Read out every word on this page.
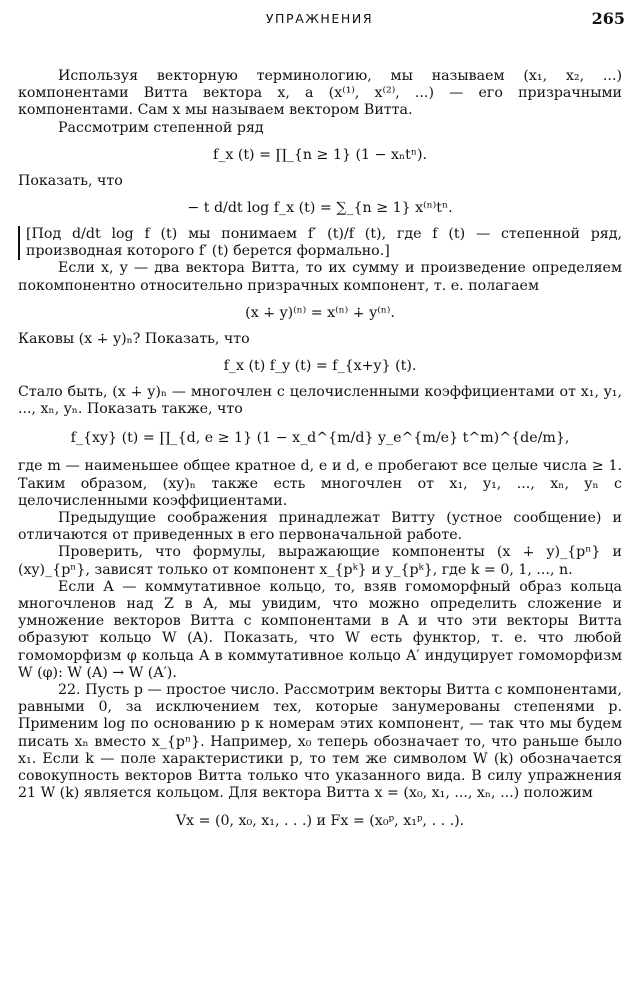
УПРАЖНЕНИЯ	265

Используя векторную терминологию, мы называем (x₁, x₂, ...) компонентами Витта вектора x, а (x⁽¹⁾, x⁽²⁾, ...) — его призрачными компонентами. Сам x мы называем вектором Витта.

Рассмотрим степенной ряд

f_x (t) = ∏_{n ≥ 1} (1 − xₙtⁿ).

Показать, что

− t d/dt log f_x (t) = ∑_{n ≥ 1} x⁽ⁿ⁾tⁿ.

[Под d/dt log f (t) мы понимаем f′ (t)/f (t), где f (t) — степенной ряд, производная которого f′ (t) берется формально.]

Если x, y — два вектора Витта, то их сумму и произведение определяем покомпонентно относительно призрачных компонент, т. е. полагаем

(x ∔ y)⁽ⁿ⁾ = x⁽ⁿ⁾ ∔ y⁽ⁿ⁾.

Каковы (x ∔ y)ₙ? Показать, что

f_x (t) f_y (t) = f_{x+y} (t).

Стало быть, (x ∔ y)ₙ — многочлен с целочисленными коэффициентами от x₁, y₁, ..., xₙ, yₙ. Показать также, что

f_{xy} (t) = ∏_{d, e ≥ 1} (1 − x_d^{m/d} y_e^{m/e} t^m)^{de/m},

где m — наименьшее общее кратное d, e и d, e пробегают все целые числа ≥ 1. Таким образом, (xy)ₙ также есть многочлен от x₁, y₁, ..., xₙ, yₙ с целочисленными коэффициентами.

Предыдущие соображения принадлежат Витту (устное сообщение) и отличаются от приведенных в его первоначальной работе.

Проверить, что формулы, выражающие компоненты (x ∔ y)_{pⁿ} и (xy)_{pⁿ}, зависят только от компонент x_{pᵏ} и y_{pᵏ}, где k = 0, 1, ..., n.

Если A — коммутативное кольцо, то, взяв гомоморфный образ кольца многочленов над Z в A, мы увидим, что можно определить сложение и умножение векторов Витта с компонентами в A и что эти векторы Витта образуют кольцо W (A). Показать, что W есть функтор, т. е. что любой гомоморфизм φ кольца A в коммутативное кольцо A′ индуцирует гомоморфизм W (φ): W (A) → W (A′).

22. Пусть p — простое число. Рассмотрим векторы Витта с компонентами, равными 0, за исключением тех, которые занумерованы степенями p. Применим log по основанию p к номерам этих компонент, — так что мы будем писать xₙ вместо x_{pⁿ}. Например, x₀ теперь обозначает то, что раньше было x₁. Если k — поле характеристики p, то тем же символом W (k) обозначается совокупность векторов Витта только что указанного вида. В силу упражнения 21 W (k) является кольцом. Для вектора Витта x = (x₀, x₁, ..., xₙ, ...) положим

Vx = (0, x₀, x₁, . . .) и Fx = (x₀ᵖ, x₁ᵖ, . . .).
